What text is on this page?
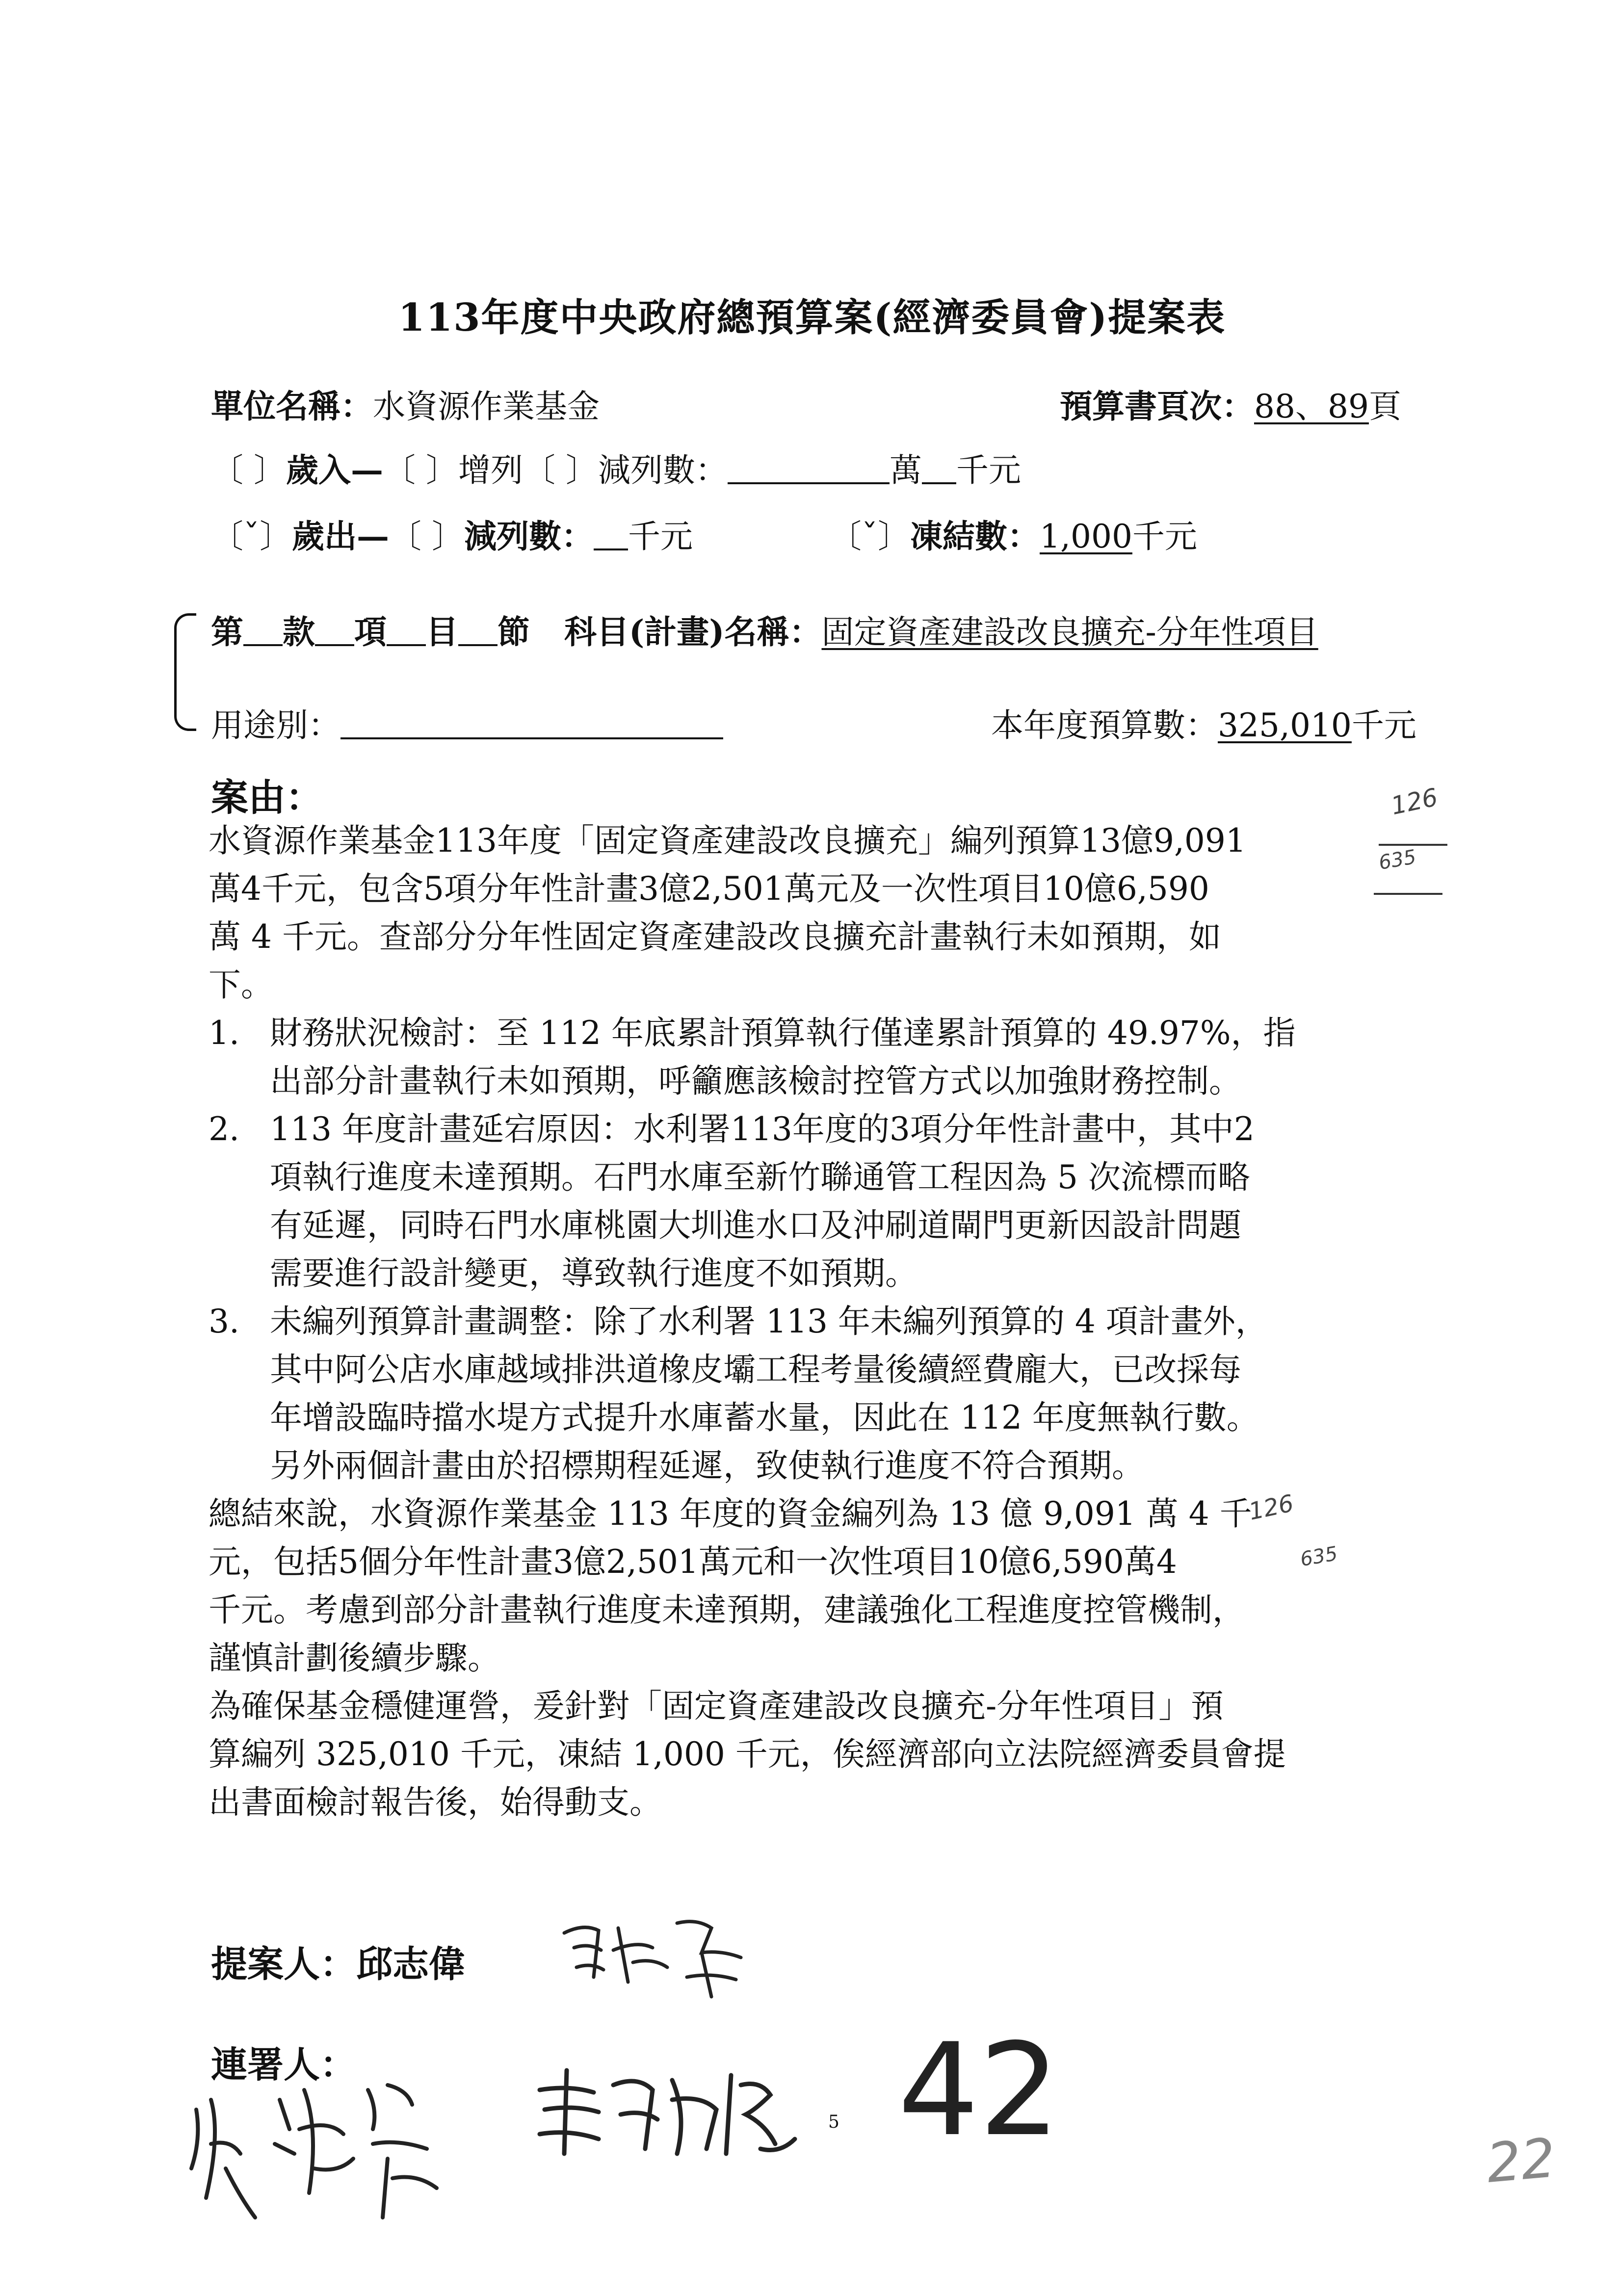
113年度中央政府總預算案(經濟委員會)提案表
單位名稱：水資源作業基金	預算書頁次：88、89頁
〔 〕歲入—〔 〕增列〔 〕減列數：	萬 千元
〔ˇ〕歲出—〔 〕減列數： 千元	〔ˇ〕凍結數：1,000千元
第 款 項 目 節 科目(計畫)名稱：固定資產建設改良擴充-分年性項目
用途別：	本年度預算數：325,010千元
案由：
水資源作業基金113年度「固定資產建設改良擴充」編列預算13億9,091
萬4千元，包含5項分年性計畫3億2,501萬元及一次性項目10億6,590
萬 4 千元。查部分分年性固定資產建設改良擴充計畫執行未如預期，如
下。
1. 財務狀況檢討：至 112 年底累計預算執行僅達累計預算的 49.97%，指
出部分計畫執行未如預期，呼籲應該檢討控管方式以加強財務控制。
2. 113 年度計畫延宕原因：水利署113年度的3項分年性計畫中，其中2
項執行進度未達預期。石門水庫至新竹聯通管工程因為 5 次流標而略
有延遲，同時石門水庫桃園大圳進水口及沖刷道閘門更新因設計問題
需要進行設計變更，導致執行進度不如預期。
3. 未編列預算計畫調整：除了水利署 113 年未編列預算的 4 項計畫外，
其中阿公店水庫越域排洪道橡皮壩工程考量後續經費龐大，已改採每
年增設臨時擋水堤方式提升水庫蓄水量，因此在 112 年度無執行數。
另外兩個計畫由於招標期程延遲，致使執行進度不符合預期。
總結來說，水資源作業基金 113 年度的資金編列為 13 億 9,091 萬 4 千
元，包括5個分年性計畫3億2,501萬元和一次性項目10億6,590萬4
千元。考慮到部分計畫執行進度未達預期，建議強化工程進度控管機制，
謹慎計劃後續步驟。
為確保基金穩健運營，爰針對「固定資產建設改良擴充-分年性項目」預
算編列 325,010 千元，凍結 1,000 千元，俟經濟部向立法院經濟委員會提
出書面檢討報告後，始得動支。
126
635
126
635
提案人：邱志偉
連署人：
5 42	22
